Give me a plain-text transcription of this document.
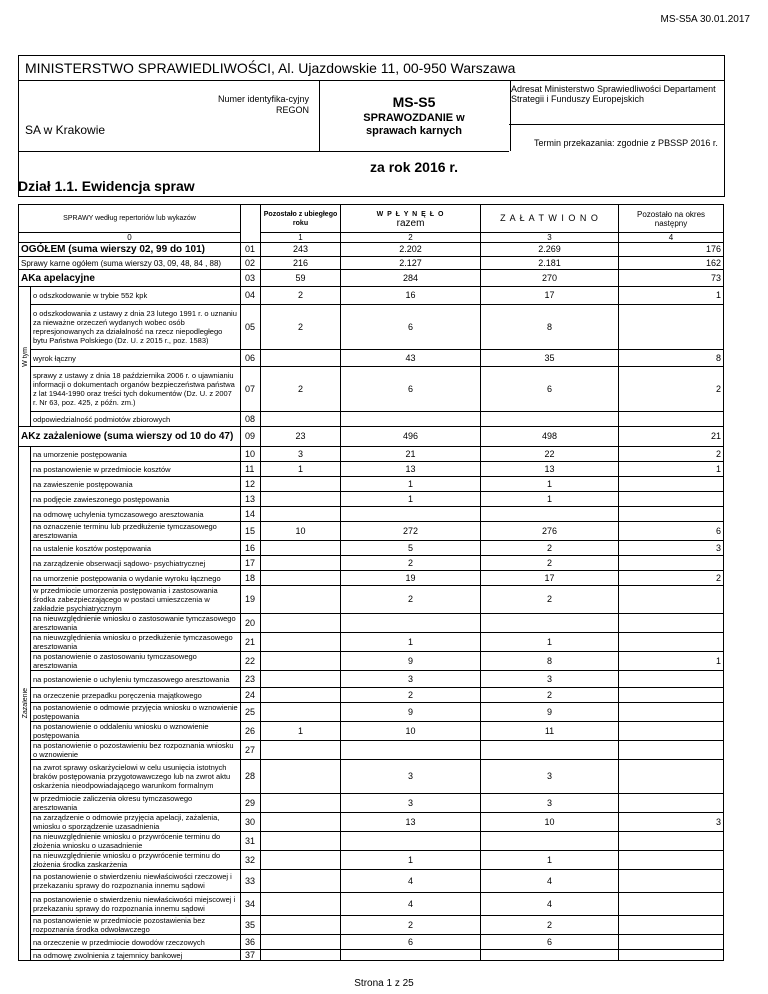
MS-S5A 30.01.2017
MINISTERSTWO SPRAWIEDLIWOŚCI, Al. Ujazdowskie 11, 00-950 Warszawa
Numer identyfika-cyjny REGON
SA w Krakowie
MS-S5
SPRAWOZDANIE w sprawach karnych
Adresat Ministerstwo Sprawiedliwości Departament Strategii i Funduszy Europejskich
Termin przekazania: zgodnie z PBSSP 2016 r.
za rok 2016 r.
Dział 1.1. Ewidencja spraw
SPRAWY według repertoriów lub wykazów			Pozostało z ubiegłego roku	W P Ł Y N Ę Ł O
razem	Z A Ł A T W I O N O	Pozostało na okres następny
0			1	2	3	4
OGÓŁEM (suma wierszy 02, 99 do 101)		01	243	2.202	2.269	176
Sprawy karne ogółem (suma wierszy 03, 09, 48, 84 , 88)		02	216	2.127	2.181	162
AKa apelacyjne		03	59	284	270	73

W tym	o odszkodowanie w trybie 552 kpk	04	2	16	17	1
	o odszkodowania z ustawy z dnia 23 lutego 1991 r. o uznaniu za nieważne orzeczeń wydanych wobec osób represjonowanych za działalność na rzecz niepodległego bytu Państwa Polskiego (Dz. U. z 2015 r., poz. 1583)	05	2	6	8	
	wyrok łączny	06		43	35	8
	sprawy z ustawy z dnia 18 października 2006 r. o ujawnianiu informacji o dokumentach organów bezpieczeństwa państwa z lat 1944-1990 oraz treści tych dokumentów (Dz. U. z 2007 r. Nr 63, poz. 425, z późn. zm.)	07	2	6	6	2
	odpowiedzialność podmiotów zbiorowych	08				
AKz zażaleniowe (suma wierszy od 10 do 47)		09	23	496	498	21

Zażalenie	na umorzenie postępowania	10	3	21	22	2
	na postanowienie w przedmiocie kosztów	11	1	13	13	1
	na zawieszenie postępowania	12		1	1	
	na podjęcie zawieszonego postępowania	13		1	1	
	na odmowę uchylenia tymczasowego aresztowania	14				
	na oznaczenie terminu lub przedłużenie tymczasowego aresztowania	15	10	272	276	6
	na ustalenie kosztów postępowania	16		5	2	3
	na zarządzenie obserwacji sądowo- psychiatrycznej	17		2	2	
	na umorzenie postępowania o wydanie wyroku łącznego	18		19	17	2
	w przedmiocie umorzenia postępowania i zastosowania środka zabezpieczającego w postaci umieszczenia w zakładzie psychiatrycznym	19		2	2	
	na nieuwzględnienie wniosku o zastosowanie tymczasowego aresztowania	20				
	na nieuwzględnienia wniosku o przedłużenie tymczasowego aresztowania	21		1	1	
	na postanowienie o zastosowaniu tymczasowego aresztowania	22		9	8	1
	na postanowienie o uchyleniu tymczasowego aresztowania	23		3	3	
	na orzeczenie przepadku poręczenia majątkowego	24		2	2	
	na postanowienie o odmowie przyjęcia wniosku o wznowienie postępowania	25		9	9	
	na postanowienie o oddaleniu wniosku o wznowienie postępowania	26	1	10	11	
	na postanowienie o pozostawieniu bez rozpoznania wniosku o wznowienie	27				
	na zwrot sprawy oskarżycielowi w celu usunięcia istotnych braków postępowania przygotowawczego lub na zwrot aktu oskarżenia nieodpowiadającego warunkom formalnym	28		3	3	
	w przedmiocie zaliczenia okresu tymczasowego aresztowania	29		3	3	
	na zarządzenie o odmowie przyjęcia apelacji, zażalenia, wniosku o sporządzenie uzasadnienia	30		13	10	3
	na nieuwzględnienie wniosku o przywrócenie terminu do złożenia wniosku o uzasadnienie	31				
	na nieuwzględnienie wniosku o przywrócenie terminu do złożenia środka zaskarżenia	32		1	1	
	na postanowienie o stwierdzeniu niewłaściwości rzeczowej i przekazaniu sprawy do rozpoznania innemu sądowi	33		4	4	
	na postanowienie o stwierdzeniu niewłaściwości miejscowej i przekazaniu sprawy do rozpoznania innemu sądowi	34		4	4	
	na postanowienie w przedmiocie pozostawienia bez rozpoznania środka odwoławczego	35		2	2	
	na orzeczenie w przedmiocie dowodów rzeczowych	36		6	6	
	na odmowę zwolnienia z tajemnicy bankowej	37				
Strona 1 z 25
